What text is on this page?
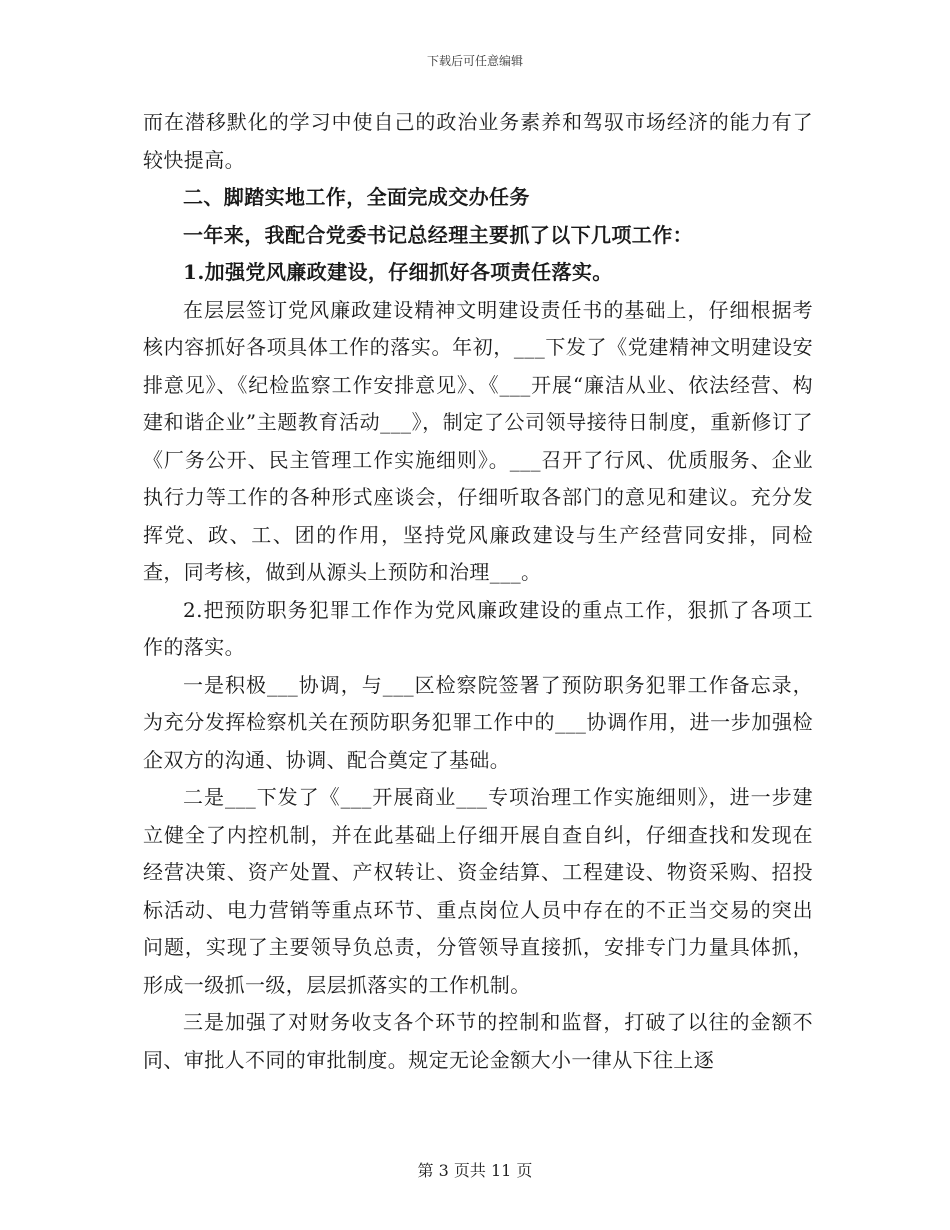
下载后可任意编辑

而在潜移默化的学习中使自己的政治业务素养和驾驭市场经济的能力有了较快提高。

二、脚踏实地工作，全面完成交办任务

一年来，我配合党委书记总经理主要抓了以下几项工作：

1.加强党风廉政建设，仔细抓好各项责任落实。

在层层签订党风廉政建设精神文明建设责任书的基础上，仔细根据考核内容抓好各项具体工作的落实。年初，___下发了《党建精神文明建设安排意见》、《纪检监察工作安排意见》、《___开展“廉洁从业、依法经营、构建和谐企业”主题教育活动___》，制定了公司领导接待日制度，重新修订了《厂务公开、民主管理工作实施细则》。___召开了行风、优质服务、企业执行力等工作的各种形式座谈会，仔细听取各部门的意见和建议。充分发挥党、政、工、团的作用，坚持党风廉政建设与生产经营同安排，同检查，同考核，做到从源头上预防和治理___。

2.把预防职务犯罪工作作为党风廉政建设的重点工作，狠抓了各项工作的落实。

一是积极___协调，与___区检察院签署了预防职务犯罪工作备忘录，为充分发挥检察机关在预防职务犯罪工作中的___协调作用，进一步加强检企双方的沟通、协调、配合奠定了基础。

二是___下发了《___开展商业___专项治理工作实施细则》，进一步建立健全了内控机制，并在此基础上仔细开展自查自纠，仔细查找和发现在经营决策、资产处置、产权转让、资金结算、工程建设、物资采购、招投标活动、电力营销等重点环节、重点岗位人员中存在的不正当交易的突出问题，实现了主要领导负总责，分管领导直接抓，安排专门力量具体抓，形成一级抓一级，层层抓落实的工作机制。

三是加强了对财务收支各个环节的控制和监督，打破了以往的金额不同、审批人不同的审批制度。规定无论金额大小一律从下往上逐

第 3 页共 11 页
